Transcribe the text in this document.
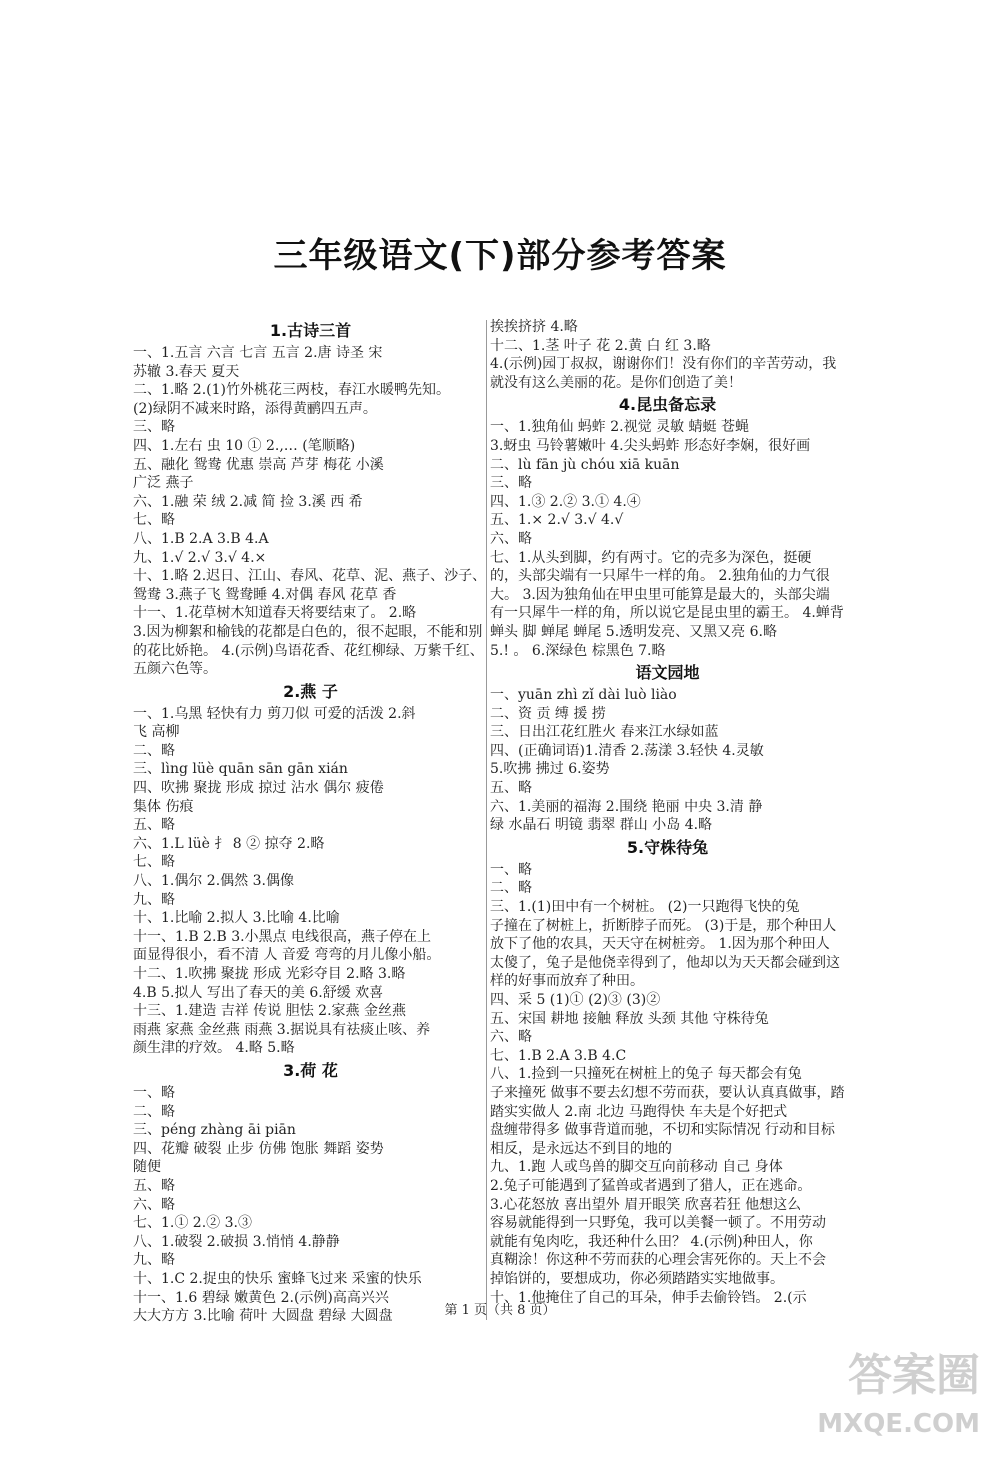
三年级语文(下)部分参考答案
1.古诗三首
一、1.五言 六言 七言 五言 2.唐 诗圣 宋
苏辙 3.春天 夏天
二、1.略 2.(1)竹外桃花三两枝，春江水暖鸭先知。
(2)绿阴不减来时路，添得黄鹂四五声。
三、略
四、1.左右 虫 10 ① 2.,… (笔顺略)
五、融化 鸳鸯 优惠 崇高 芦芽 梅花 小溪
广泛 燕子
六、1.融 荣 绒 2.减 简 捡 3.溪 西 希
七、略
八、1.B 2.A 3.B 4.A
九、1.√ 2.√ 3.√ 4.×
十、1.略 2.迟日、江山、春风、花草、泥、燕子、沙子、
鸳鸯 3.燕子飞 鸳鸯睡 4.对偶 春风 花草 香
十一、1.花草树木知道春天将要结束了。 2.略
3.因为柳絮和榆钱的花都是白色的，很不起眼，不能和别
的花比娇艳。 4.(示例)鸟语花香、花红柳绿、万紫千红、
五颜六色等。
2.燕 子
一、1.乌黑 轻快有力 剪刀似 可爱的活泼 2.斜
飞 高柳
二、略
三、lìng lüè quān sān gān xián
四、吹拂 聚拢 形成 掠过 沾水 偶尔 疲倦
集体 伤痕
五、略
六、1.L lüè 扌 8 ② 掠夺 2.略
七、略
八、1.偶尔 2.偶然 3.偶像
九、略
十、1.比喻 2.拟人 3.比喻 4.比喻
十一、1.B 2.B 3.小黑点 电线很高，燕子停在上
面显得很小，看不清 人 音爱 弯弯的月儿像小船。
十二、1.吹拂 聚拢 形成 光彩夺目 2.略 3.略
4.B 5.拟人 写出了春天的美 6.舒缓 欢喜
十三、1.建造 吉祥 传说 胆怯 2.家燕 金丝燕
雨燕 家燕 金丝燕 雨燕 3.据说具有祛痰止咳、养
颜生津的疗效。 4.略 5.略
3.荷 花
一、略
二、略
三、péng zhàng āi piān
四、花瓣 破裂 止步 仿佛 饱胀 舞蹈 姿势
随便
五、略
六、略
七、1.① 2.② 3.③
八、1.破裂 2.破损 3.悄悄 4.静静
九、略
十、1.C 2.捉虫的快乐 蜜蜂飞过来 采蜜的快乐
十一、1.6 碧绿 嫩黄色 2.(示例)高高兴兴
大大方方 3.比喻 荷叶 大圆盘 碧绿 大圆盘
挨挨挤挤 4.略
十二、1.茎 叶子 花 2.黄 白 红 3.略
4.(示例)园丁叔叔，谢谢你们！没有你们的辛苦劳动，我
就没有这么美丽的花。是你们创造了美！
4.昆虫备忘录
一、1.独角仙 蚂蚱 2.视觉 灵敏 蜻蜓 苍蝇
3.蚜虫 马铃薯嫩叶 4.尖头蚂蚱 形态好李娴，很好画
二、lù fān jù chóu xiā kuān
三、略
四、1.③ 2.② 3.① 4.④
五、1.× 2.√ 3.√ 4.√
六、略
七、1.从头到脚，约有两寸。它的壳多为深色，挺硬
的，头部尖端有一只犀牛一样的角。 2.独角仙的力气很
大。 3.因为独角仙在甲虫里可能算是最大的，头部尖端
有一只犀牛一样的角，所以说它是昆虫里的霸王。 4.蝉背
蝉头 脚 蝉尾 蝉尾 5.透明发亮、又黑又亮 6.略
5.! 。 6.深绿色 棕黑色 7.略
语文园地
一、yuān zhì zǐ dài luò liào
二、资 贡 缚 援 捞
三、日出江花红胜火 春来江水绿如蓝
四、(正确词语)1.清香 2.荡漾 3.轻快 4.灵敏
5.吹拂 拂过 6.姿势
五、略
六、1.美丽的福海 2.围绕 艳丽 中央 3.清 静
绿 水晶石 明镜 翡翠 群山 小岛 4.略
5.守株待兔
一、略
二、略
三、1.(1)田中有一个树桩。 (2)一只跑得飞快的兔
子撞在了树桩上，折断脖子而死。 (3)于是，那个种田人
放下了他的农具，天天守在树桩旁。 1.因为那个种田人
太傻了，兔子是他侥幸得到了，他却以为天天都会碰到这
样的好事而放弃了种田。
四、采 5 (1)① (2)③ (3)②
五、宋国 耕地 接触 释放 头颈 其他 守株待兔
六、略
七、1.B 2.A 3.B 4.C
八、1.捡到一只撞死在树桩上的兔子 每天都会有兔
子来撞死 做事不要去幻想不劳而获，要认认真真做事，踏
踏实实做人 2.南 北边 马跑得快 车夫是个好把式
盘缠带得多 做事背道而驰，不切和实际情况 行动和目标
相反，是永远达不到目的地的
九、1.跑 人或鸟兽的脚交互向前移动 自己 身体
2.兔子可能遇到了猛兽或者遇到了猎人，正在逃命。
3.心花怒放 喜出望外 眉开眼笑 欣喜若狂 他想这么
容易就能得到一只野兔，我可以美餐一顿了。不用劳动
就能有兔肉吃，我还种什么田？ 4.(示例)种田人，你
真糊涂！你这种不劳而获的心理会害死你的。天上不会
掉馅饼的，要想成功，你必须踏踏实实地做事。
十、1.他掩住了自己的耳朵，伸手去偷铃铛。 2.(示
第 1 页（共 8 页）
答案圈
MXQE.COM
